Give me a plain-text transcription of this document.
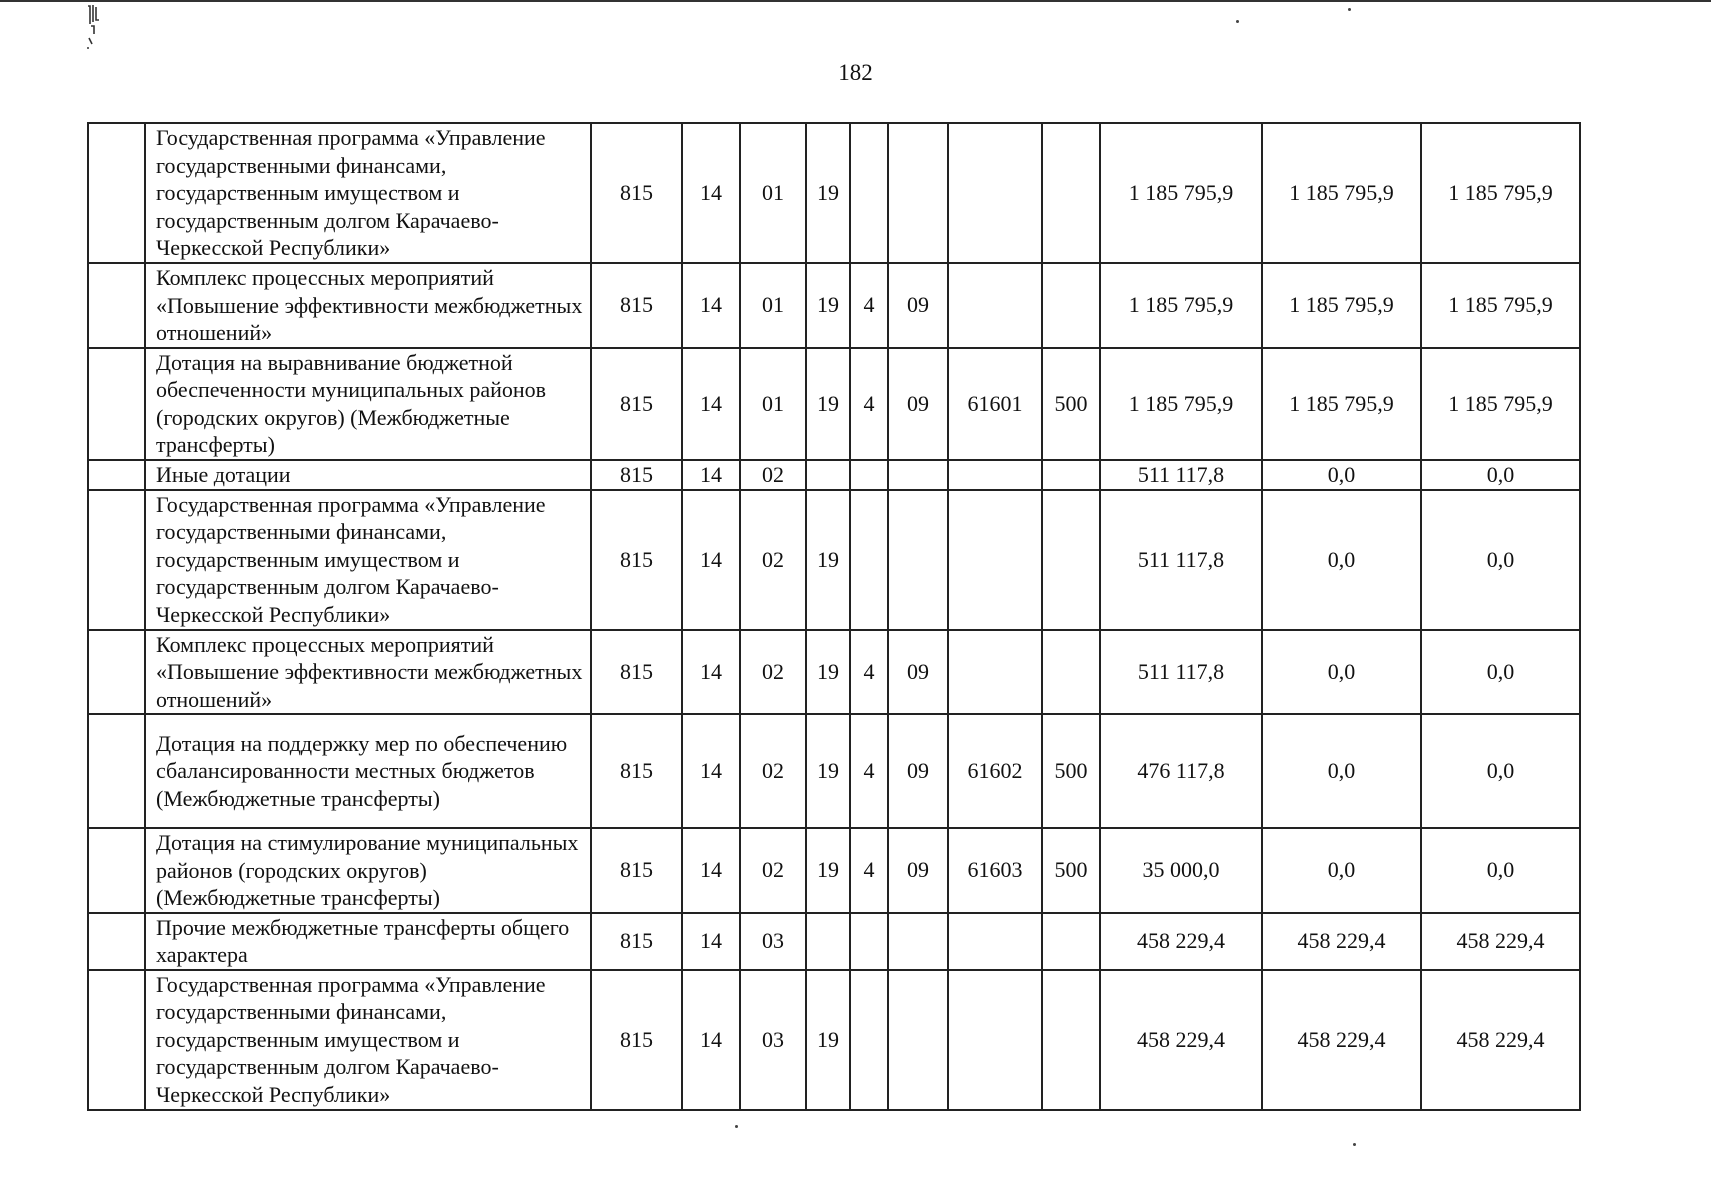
182
	Государственная программа «Управление государственными финансами, государственным имуществом и государственным долгом Карачаево-Черкесской Республики»	815	14	01	19					1 185 795,9	1 185 795,9	1 185 795,9
	Комплекс процессных мероприятий «Повышение эффективности межбюджетных отношений»	815	14	01	19	4	09			1 185 795,9	1 185 795,9	1 185 795,9
	Дотация на выравнивание бюджетной обеспеченности муниципальных районов (городских округов) (Межбюджетные трансферты)	815	14	01	19	4	09	61601	500	1 185 795,9	1 185 795,9	1 185 795,9
	Иные дотации	815	14	02						511 117,8	0,0	0,0
	Государственная программа «Управление государственными финансами, государственным имуществом и государственным долгом Карачаево-Черкесской Республики»	815	14	02	19					511 117,8	0,0	0,0
	Комплекс процессных мероприятий «Повышение эффективности межбюджетных отношений»	815	14	02	19	4	09			511 117,8	0,0	0,0
	Дотация на поддержку мер по обеспечению сбалансированности местных бюджетов (Межбюджетные трансферты)	815	14	02	19	4	09	61602	500	476 117,8	0,0	0,0
	Дотация на стимулирование муниципальных районов (городских округов) (Межбюджетные трансферты)	815	14	02	19	4	09	61603	500	35 000,0	0,0	0,0
	Прочие межбюджетные трансферты общего характера	815	14	03						458 229,4	458 229,4	458 229,4
	Государственная программа «Управление государственными финансами, государственным имуществом и государственным долгом Карачаево-Черкесской Республики»	815	14	03	19					458 229,4	458 229,4	458 229,4
